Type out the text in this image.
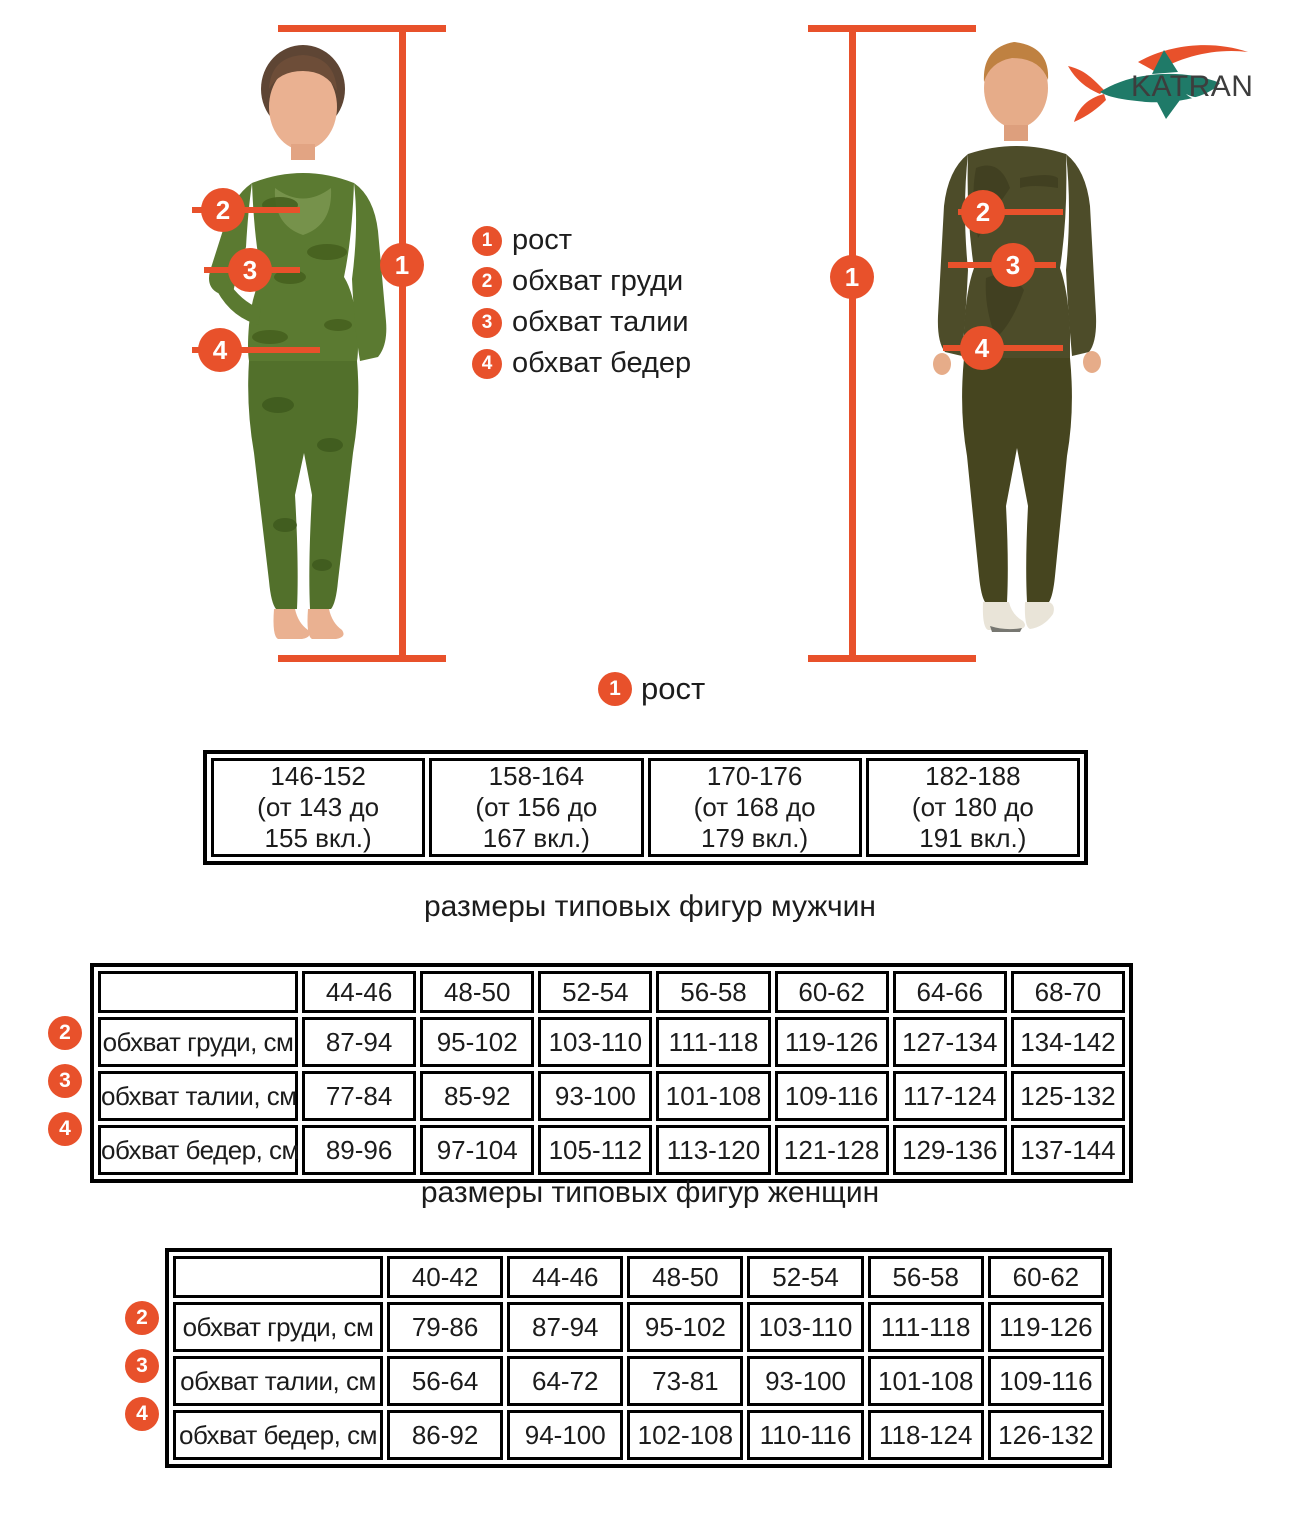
1
2
3
4
1 рост
2 обхват груди
3 обхват талии
4 обхват бедер
1
2
3
4
KATRAN
1 рост
146-152
(от 143 до
155 вкл.)

158-164
(от 156 до
167 вкл.)

170-176
(от 168 до
179 вкл.)

182-188
(от 180 до
191 вкл.)
размеры типовых фигур мужчин
2
3
4
	44-46	48-50	52-54	56-58	60-62	64-66	68-70
обхват груди, см	87-94	95-102	103-110	111-118	119-126	127-134	134-142
обхват талии, см	77-84	85-92	93-100	101-108	109-116	117-124	125-132
обхват бедер, см	89-96	97-104	105-112	113-120	121-128	129-136	137-144
размеры типовых фигур женщин
2
3
4
	40-42	44-46	48-50	52-54	56-58	60-62
обхват груди, см	79-86	87-94	95-102	103-110	111-118	119-126
обхват талии, см	56-64	64-72	73-81	93-100	101-108	109-116
обхват бедер, см	86-92	94-100	102-108	110-116	118-124	126-132
